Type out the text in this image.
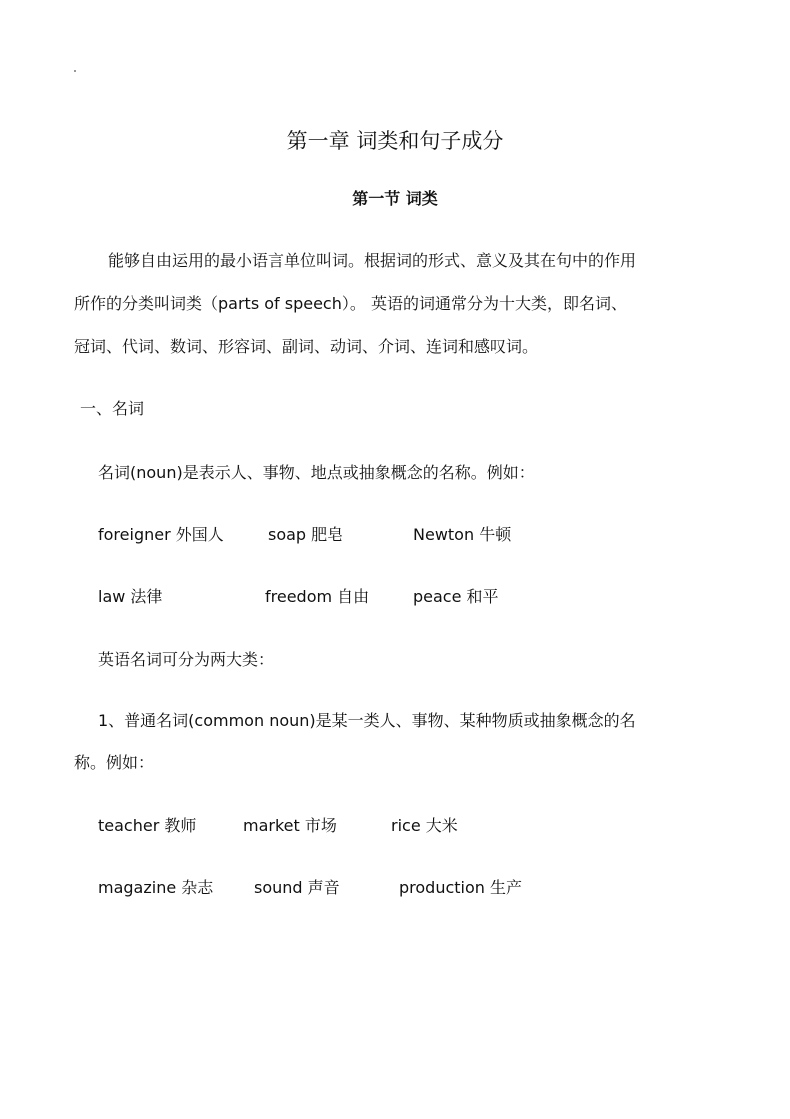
第一章 词类和句子成分
第一节 词类
能够自由运用的最小语言单位叫词。根据词的形式、意义及其在句中的作用
所作的分类叫词类（parts of speech）。 英语的词通常分为十大类，即名词、
冠词、代词、数词、形容词、副词、动词、介词、连词和感叹词。
一、名词

名词(noun)是表示人、事物、地点或抽象概念的名称。例如：

foreigner 外国人	soap 肥皂	Newton 牛顿
law 法律	freedom 自由	peace 和平

英语名词可分为两大类：

1、普通名词(common noun)是某一类人、事物、某种物质或抽象概念的名
称。例如：
teacher 教师	market 市场	rice 大米
magazine 杂志	sound 声音	production 生产
